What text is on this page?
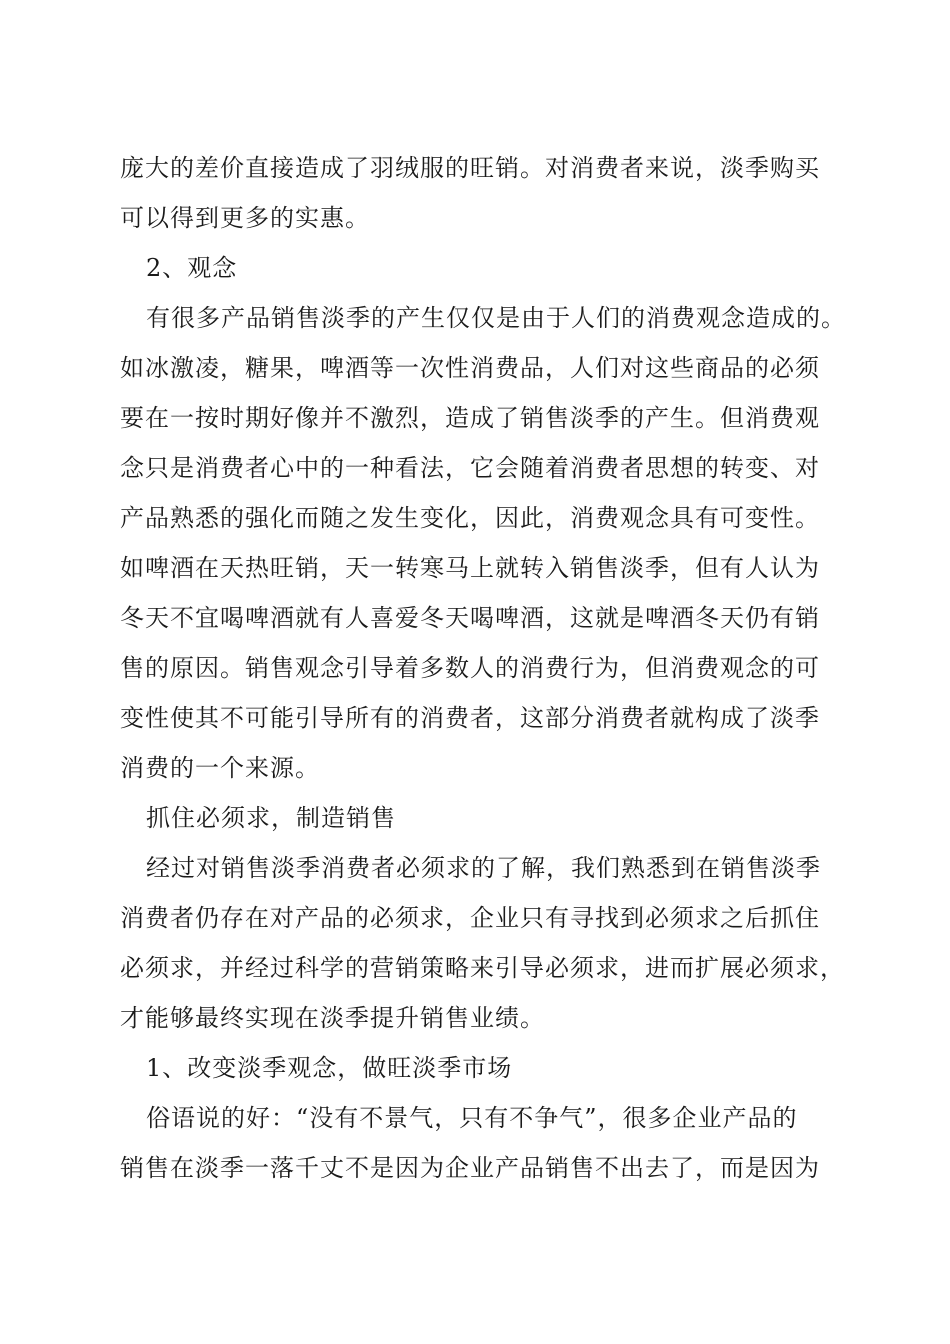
庞大的差价直接造成了羽绒服的旺销。对消费者来说，淡季购买
可以得到更多的实惠。
2、观念
有很多产品销售淡季的产生仅仅是由于人们的消费观念造成的。
如冰激凌，糖果，啤酒等一次性消费品，人们对这些商品的必须
要在一按时期好像并不激烈，造成了销售淡季的产生。但消费观
念只是消费者心中的一种看法，它会随着消费者思想的转变、对
产品熟悉的强化而随之发生变化，因此，消费观念具有可变性。
如啤酒在天热旺销，天一转寒马上就转入销售淡季，但有人认为
冬天不宜喝啤酒就有人喜爱冬天喝啤酒，这就是啤酒冬天仍有销
售的原因。销售观念引导着多数人的消费行为，但消费观念的可
变性使其不可能引导所有的消费者，这部分消费者就构成了淡季
消费的一个来源。
抓住必须求，制造销售
经过对销售淡季消费者必须求的了解，我们熟悉到在销售淡季
消费者仍存在对产品的必须求，企业只有寻找到必须求之后抓住
必须求，并经过科学的营销策略来引导必须求，进而扩展必须求，
才能够最终实现在淡季提升销售业绩。
1、改变淡季观念，做旺淡季市场
俗语说的好：“没有不景气，只有不争气”，很多企业产品的
销售在淡季一落千丈不是因为企业产品销售不出去了，而是因为
